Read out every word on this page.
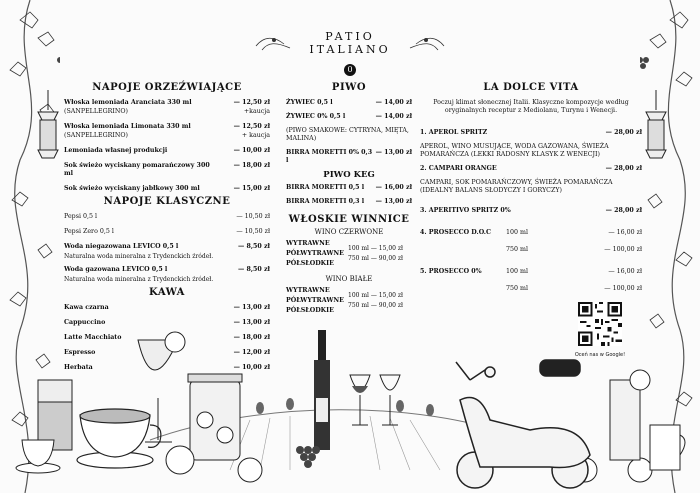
PATIO
ITALIANO
0
NAPOJE ORZEŹWIAJĄCE
Włoska lemoniada Aranciata 330 ml	— 12,50 zł
(SANPELLEGRINO)	+kaucja
Włoska lemoniada Limonata 330 ml	— 12,50 zł
(SANPELLEGRINO)	+ kaucja
Lemoniada własnej produkcji	— 10,00 zł
Sok świeżo wyciskany pomarańczowy 300 ml
— 18,00 zł
Sok świeżo wyciskany jabłkowy 300 ml	— 15,00 zł
NAPOJE KLASYCZNE
Pepsi 0,5 l	— 10,50 zł
Pepsi Zero 0,5 l	— 10,50 zł
Woda niegazowana LEVICO 0,5 l	— 8,50 zł
Naturalna woda mineralna z Trydenckich źródeł.
Woda gazowana LEVICO 0,5 l	— 8,50 zł
Naturalna woda mineralna z Trydenckich źródeł.
KAWA
Kawa czarna	— 13,00 zł
Cappuccino	— 13,00 zł
Latte Macchiato	— 18,00 zł
Espresso	— 12,00 zł
Herbata	— 10,00 zł
PIWO
ŻYWIEC 0,5 l	— 14,00 zł
ŻYWIEC 0% 0,5 l	— 14,00 zł
(PIWO SMAKOWE: CYTRYNA, MIĘTA, MALINA)
BIRRA MORETTI 0% 0,3 l
— 13,00 zł
PIWO KEG
BIRRA MORETTI 0,5 l	— 16,00 zł
BIRRA MORETTI 0,3 l	— 13,00 zł
WŁOSKIE WINNICE
WINO CZERWONE
WYTRAWNE
PÓŁWYTRAWNE
PÓŁSŁODKIE
100 ml — 15,00 zł
750 ml — 90,00 zł
WINO BIAŁE
WYTRAWNE
PÓŁWYTRAWNE
PÓŁSŁODKIE
100 ml — 15,00 zł
750 ml — 90,00 zł
LA DOLCE VITA
Poczuj klimat słonecznej Italii. Klasyczne kompozycje według oryginalnych receptur z Mediolanu, Turynu i Wenecji.
1. APEROL SPRITZ	— 28,00 zł
APEROL, WINO MUSUJĄCE, WODA GAZOWANA, ŚWIEŻA POMARAŃCZA (LEKKI RADOSNY KLASYK Z WENECJI)
2. CAMPARI ORANGE	— 28,00 zł
CAMPARI, SOK POMARAŃCZOWY, ŚWIEŻA POMARAŃCZA (IDEALNY BALANS SŁODYCZY I GORYCZY)
3. APERITIVO SPRITZ 0%	— 28,00 zł
4. PROSECCO D.O.C	100 ml	— 16,00 zł
750 ml	— 100,00 zł
5. PROSECCO 0%	100 ml	— 16,00 zł
750 ml	— 100,00 zł
Oceń nas w Google!
